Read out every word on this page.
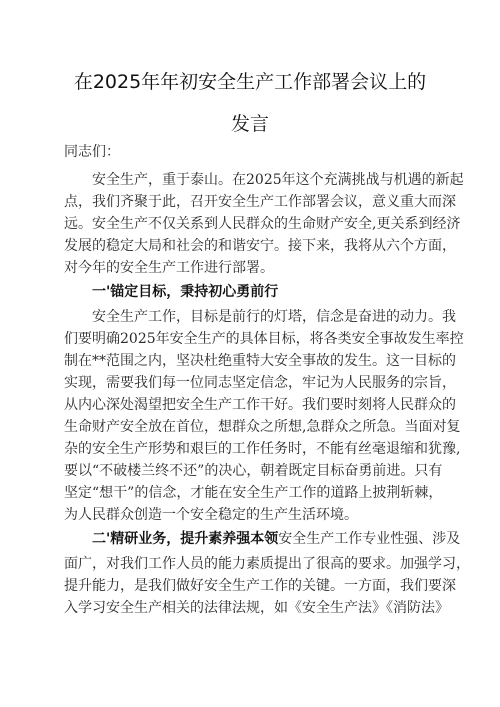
在2025年年初安全生产工作部署会议上的
发言
同志们：
安全生产，重于泰山。在2025年这个充满挑战与机遇的新起
点，我们齐聚于此，召开安全生产工作部署会议，意义重大而深
远。安全生产不仅关系到人民群众的生命财产安全,更关系到经济
发展的稳定大局和社会的和谐安宁。接下来，我将从六个方面，
对今年的安全生产工作进行部署。
一'锚定目标，秉持初心勇前行
安全生产工作，目标是前行的灯塔，信念是奋进的动力。我
们要明确2025年安全生产的具体目标，将各类安全事故发生率控
制在**范围之内，坚决杜绝重特大安全事故的发生。这一目标的
实现，需要我们每一位同志坚定信念，牢记为人民服务的宗旨，
从内心深处渴望把安全生产工作干好。我们要时刻将人民群众的
生命财产安全放在首位，想群众之所想,急群众之所急。当面对复
杂的安全生产形势和艰巨的工作任务时，不能有丝毫退缩和犹豫,
要以“不破楼兰终不还”的决心，朝着既定目标奋勇前进。只有
坚定“想干”的信念，才能在安全生产工作的道路上披荆斩棘，
为人民群众创造一个安全稳定的生产生活环境。
二'精研业务，提升素养强本领安全生产工作专业性强、涉及
面广，对我们工作人员的能力素质提出了很高的要求。加强学习，
提升能力，是我们做好安全生产工作的关键。一方面，我们要深
入学习安全生产相关的法律法规，如《安全生产法》《消防法》
